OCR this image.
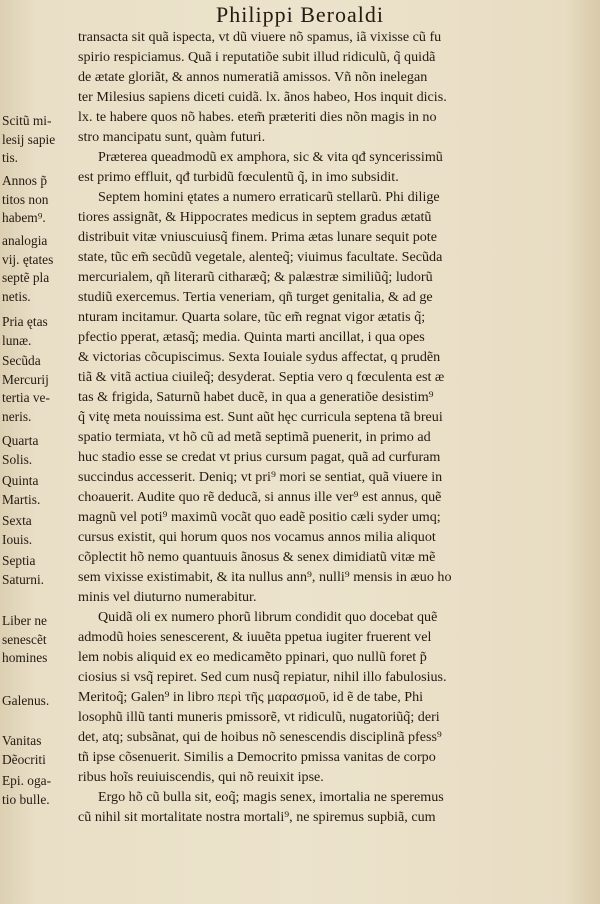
Philippi Beroaldi
transacta sit quã ispecta, vt dũ viuere nõ spamus, iã vixisse cũ fu
spirio respiciamus. Quã i reputatiõe subit illud ridiculũ, q̃ quidã
de ætate gloriãt, & annos numeratiã amissos. Vñ nõn inelegan
ter Milesius sapiens diceti cuidã. lx. ãnos habeo, Hos inquit dicis.
lx. te habere quos nõ habes. etem̃ præteriti dies nõn magis in no
stro mancipatu sunt, quàm futuri.
Præterea queadmodũ ex amphora, sic & vita qđ syncerissimũ
est primo effluit, qđ turbidũ fœculentũ q̃, in imo subsidit.
Septem homini ętates a numero erraticarũ stellarũ. Phi dilige
tiores assignãt, & Hippocrates medicus in septem gradus ætatũ
distribuit vitæ vniuscuiusq̃ finem. Prima ætas lunare sequit pote
state, tũc em̃ secũdũ vegetale, alenteq̃; viuimus facultate. Secũda
mercurialem, qñ literarũ citharæq̃; & palæstræ similiũq̃; ludorũ
studiũ exercemus. Tertia veneriam, qñ turget genitalia, & ad ge
nturam incitamur. Quarta solare, tũc em̃ regnat vigor ætatis q̃;
pfectio pperat, ætasq̃; media. Quinta marti ancillat, i qua opes
& victorias cõcupiscimus. Sexta Iouiale sydus affectat, q prudẽn
tiã & vitã actiua ciuileq̃; desyderat. Septia vero q fœculenta est æ
tas & frigida, Saturnũ habet ducẽ, in qua a generatiõe desistim⁹
q̃ vitę meta nouissima est. Sunt aũt hęc curricula septena tã breui
spatio termiata, vt hõ cũ ad metã septimã puenerit, in primo ad
huc stadio esse se credat vt prius cursum pagat, quã ad curfuram
succindus accesserit. Deniq; vt pri⁹ mori se sentiat, quã viuere in
choauerit. Audite quo rẽ deducã, si annus ille ver⁹ est annus, quẽ
magnũ vel poti⁹ maximũ vocãt quo eadẽ positio cæli syder umq;
cursus existit, qui horum quos nos vocamus annos milia aliquot
cõplectit hõ nemo quantuuis ãnosus & senex dimidiatũ vitæ mẽ
sem vixisse existimabit, & ita nullus ann⁹, nulli⁹ mensis in æuo ho
minis vel diuturno numerabitur.
Quidã oli ex numero phorũ librum condidit quo docebat quẽ
admodũ hoies senescerent, & iuuẽta ppetua iugiter fruerent vel
lem nobis aliquid ex eo medicamẽto ppinari, quo nullũ foret p̃
ciosius si vsq̃ repiret. Sed cum nusq̃ repiatur, nihil illo fabulosius.
Meritoq̃; Galen⁹ in libro περὶ τῆς μαρασμοῦ, id ẽ de tabe, Phi
losophũ illũ tanti muneris pmissorẽ, vt ridiculũ, nugatoriũq̃; deri
det, atq; subsãnat, qui de hoibus nõ senescendis disciplinã pfess⁹
tñ ipse cõsenuerit. Similis a Democrito pmissa vanitas de corpo
ribus hoĩs reuiuiscendis, qui nõ reuixit ipse.
Ergo hõ cũ bulla sit, eoq̃; magis senex, imortalia ne speremus
cũ nihil sit mortalitate nostra mortali⁹, ne spiremus supbiã, cum
Scitũ mi-
lesij sapie
tis.
Annos p̃
titos non
habem⁹.
analogia
vij. ętates
septẽ pla
netis.
Pria ętas
lunæ.
Secũda
Mercurij
tertia ve-
neris.
Quarta
Solis.
Quinta
Martis.
Sexta
Iouis.
Septia
Saturni.
Liber ne
senescẽt
homines
Galenus.
Vanitas
Dẽocriti
Epi. oga-
tio bulle.
